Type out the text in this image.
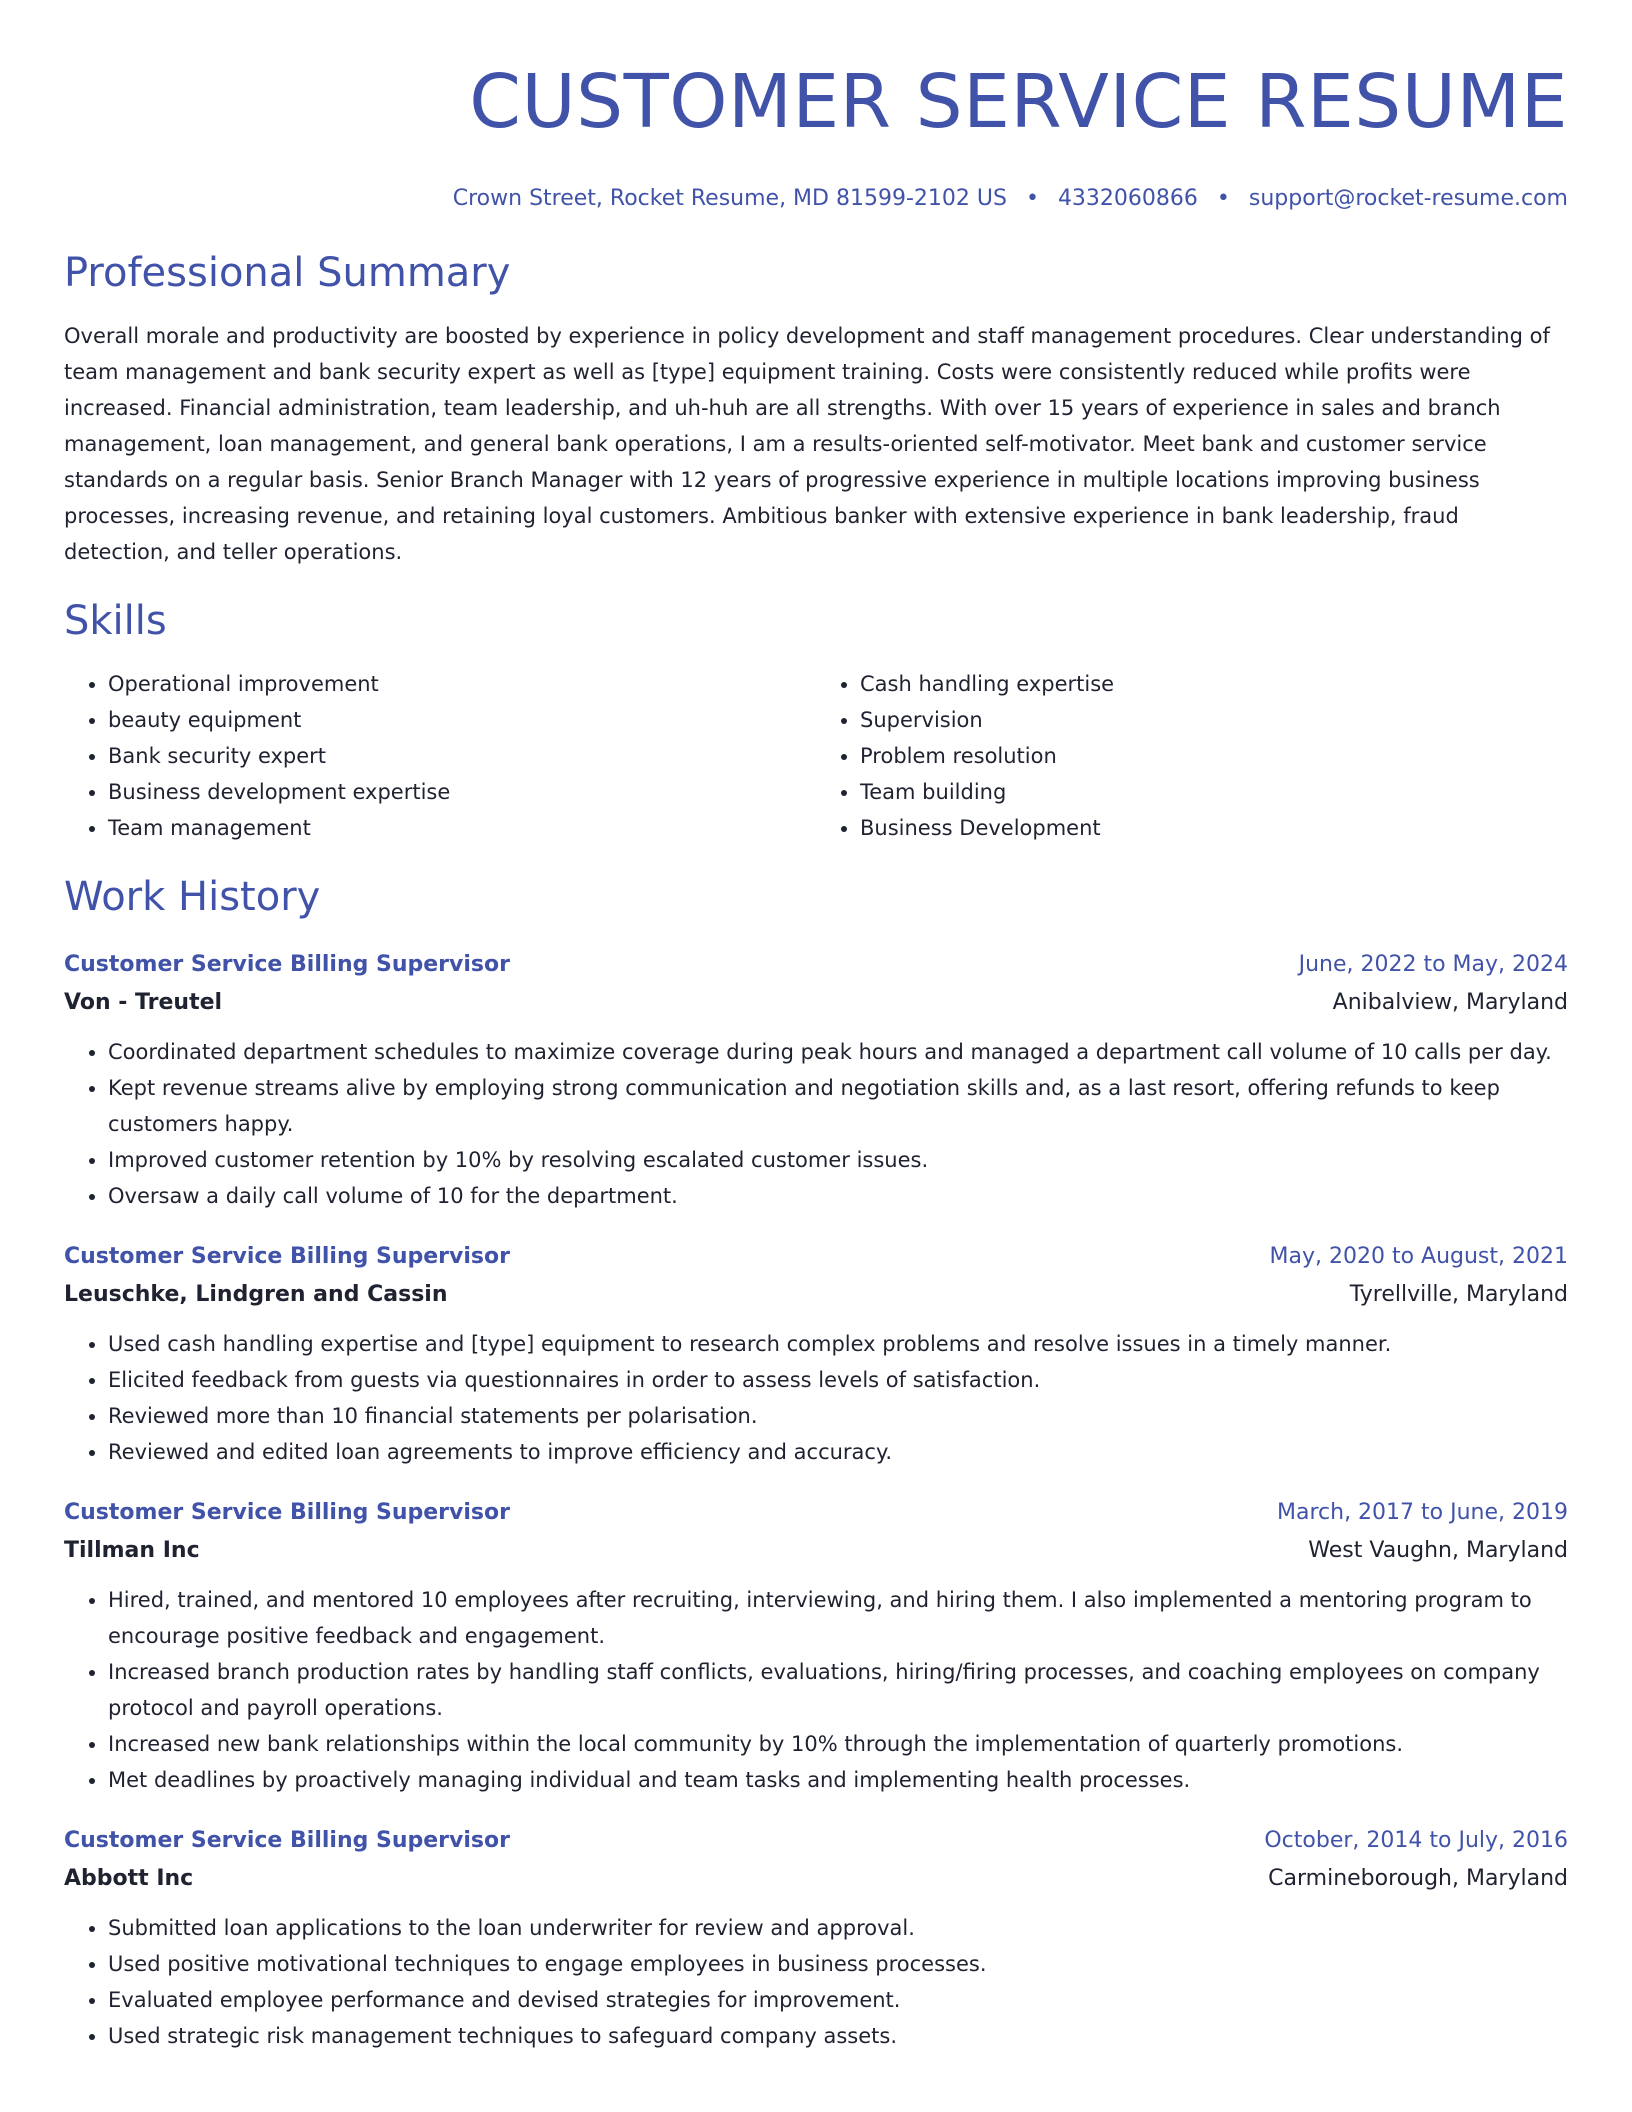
CUSTOMER SERVICE RESUME
Crown Street, Rocket Resume, MD 81599-2102 US • 4332060866 • support@rocket-resume.com
Professional Summary

Overall morale and productivity are boosted by experience in policy development and staff management procedures. Clear understanding of team management and bank security expert as well as [type] equipment training. Costs were consistently reduced while profits were increased. Financial administration, team leadership, and uh-huh are all strengths. With over 15 years of experience in sales and branch management, loan management, and general bank operations, I am a results-oriented self-motivator. Meet bank and customer service standards on a regular basis. Senior Branch Manager with 12 years of progressive experience in multiple locations improving business processes, increasing revenue, and retaining loyal customers. Ambitious banker with extensive experience in bank leadership, fraud detection, and teller operations.

Skills
• Operational improvement
• beauty equipment
• Bank security expert
• Business development expertise
• Team management
• Cash handling expertise
• Supervision
• Problem resolution
• Team building
• Business Development
Work History
Customer Service Billing Supervisor	June, 2022 to May, 2024
Von - Treutel	Anibalview, Maryland
• Coordinated department schedules to maximize coverage during peak hours and managed a department call volume of 10 calls per day.
• Kept revenue streams alive by employing strong communication and negotiation skills and, as a last resort, offering refunds to keep customers happy.
• Improved customer retention by 10% by resolving escalated customer issues.
• Oversaw a daily call volume of 10 for the department.
Customer Service Billing Supervisor	May, 2020 to August, 2021
Leuschke, Lindgren and Cassin	Tyrellville, Maryland
• Used cash handling expertise and [type] equipment to research complex problems and resolve issues in a timely manner.
• Elicited feedback from guests via questionnaires in order to assess levels of satisfaction.
• Reviewed more than 10 financial statements per polarisation.
• Reviewed and edited loan agreements to improve efficiency and accuracy.
Customer Service Billing Supervisor	March, 2017 to June, 2019
Tillman Inc	West Vaughn, Maryland
• Hired, trained, and mentored 10 employees after recruiting, interviewing, and hiring them. I also implemented a mentoring program to encourage positive feedback and engagement.
• Increased branch production rates by handling staff conflicts, evaluations, hiring/firing processes, and coaching employees on company protocol and payroll operations.
• Increased new bank relationships within the local community by 10% through the implementation of quarterly promotions.
• Met deadlines by proactively managing individual and team tasks and implementing health processes.
Customer Service Billing Supervisor	October, 2014 to July, 2016
Abbott Inc	Carmineborough, Maryland
• Submitted loan applications to the loan underwriter for review and approval.
• Used positive motivational techniques to engage employees in business processes.
• Evaluated employee performance and devised strategies for improvement.
• Used strategic risk management techniques to safeguard company assets.
